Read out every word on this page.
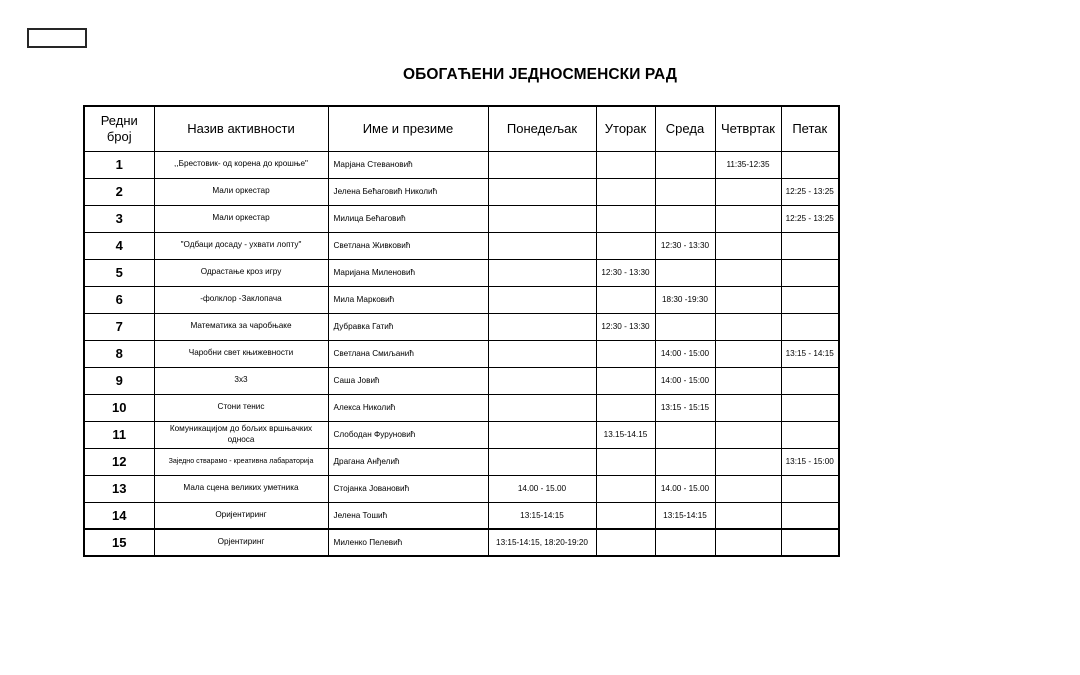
ОБОГАЋЕНИ ЈЕДНОСМЕНСКИ РАД
Редни
број	Назив активности	Име и презиме	Понедељак	Уторак	Среда	Четвртак	Петак
1	,,Брестовик- од корена до крошње"	Марјана Стевановић				11:35-12:35	
2	Мали оркестар	Јелена Бећаговић Николић					12:25 - 13:25
3	Мали оркестар	Милица Бећаговић					12:25 - 13:25
4	"Одбаци досаду - ухвати лопту"	Светлана Живковић			12:30 - 13:30		
5	Одрастање кроз игру	Маријана Миленовић		12:30 - 13:30			
6	-фолклор -Заклопача	Мила Марковић			18:30 -19:30		
7	Математика за чаробњаке	Дубравка Гатић		12:30 - 13:30			
8	Чаробни свет књижевности	Светлана Смиљанић			14:00 - 15:00		13:15 - 14:15
9	3x3	Саша Јовић			14:00 - 15:00		
10	Стони тенис	Алекса Николић			13:15 - 15:15		
11	Комуникацијом до бољих вршњачких односа	Слободан Фуруновић		13.15-14.15			
12	Заједно стварамо - креативна лабараторија	Драгана Анђелић					13:15 - 15:00
13	Мала сцена великих уметника	Стојанка Јовановић	14.00 - 15.00		14.00 - 15.00		
14	Оријентиринг	Јелена Тошић	13:15-14:15		13:15-14:15		
15	Орјентиринг	Миленко Пелевић	13:15-14:15, 18:20-19:20				
